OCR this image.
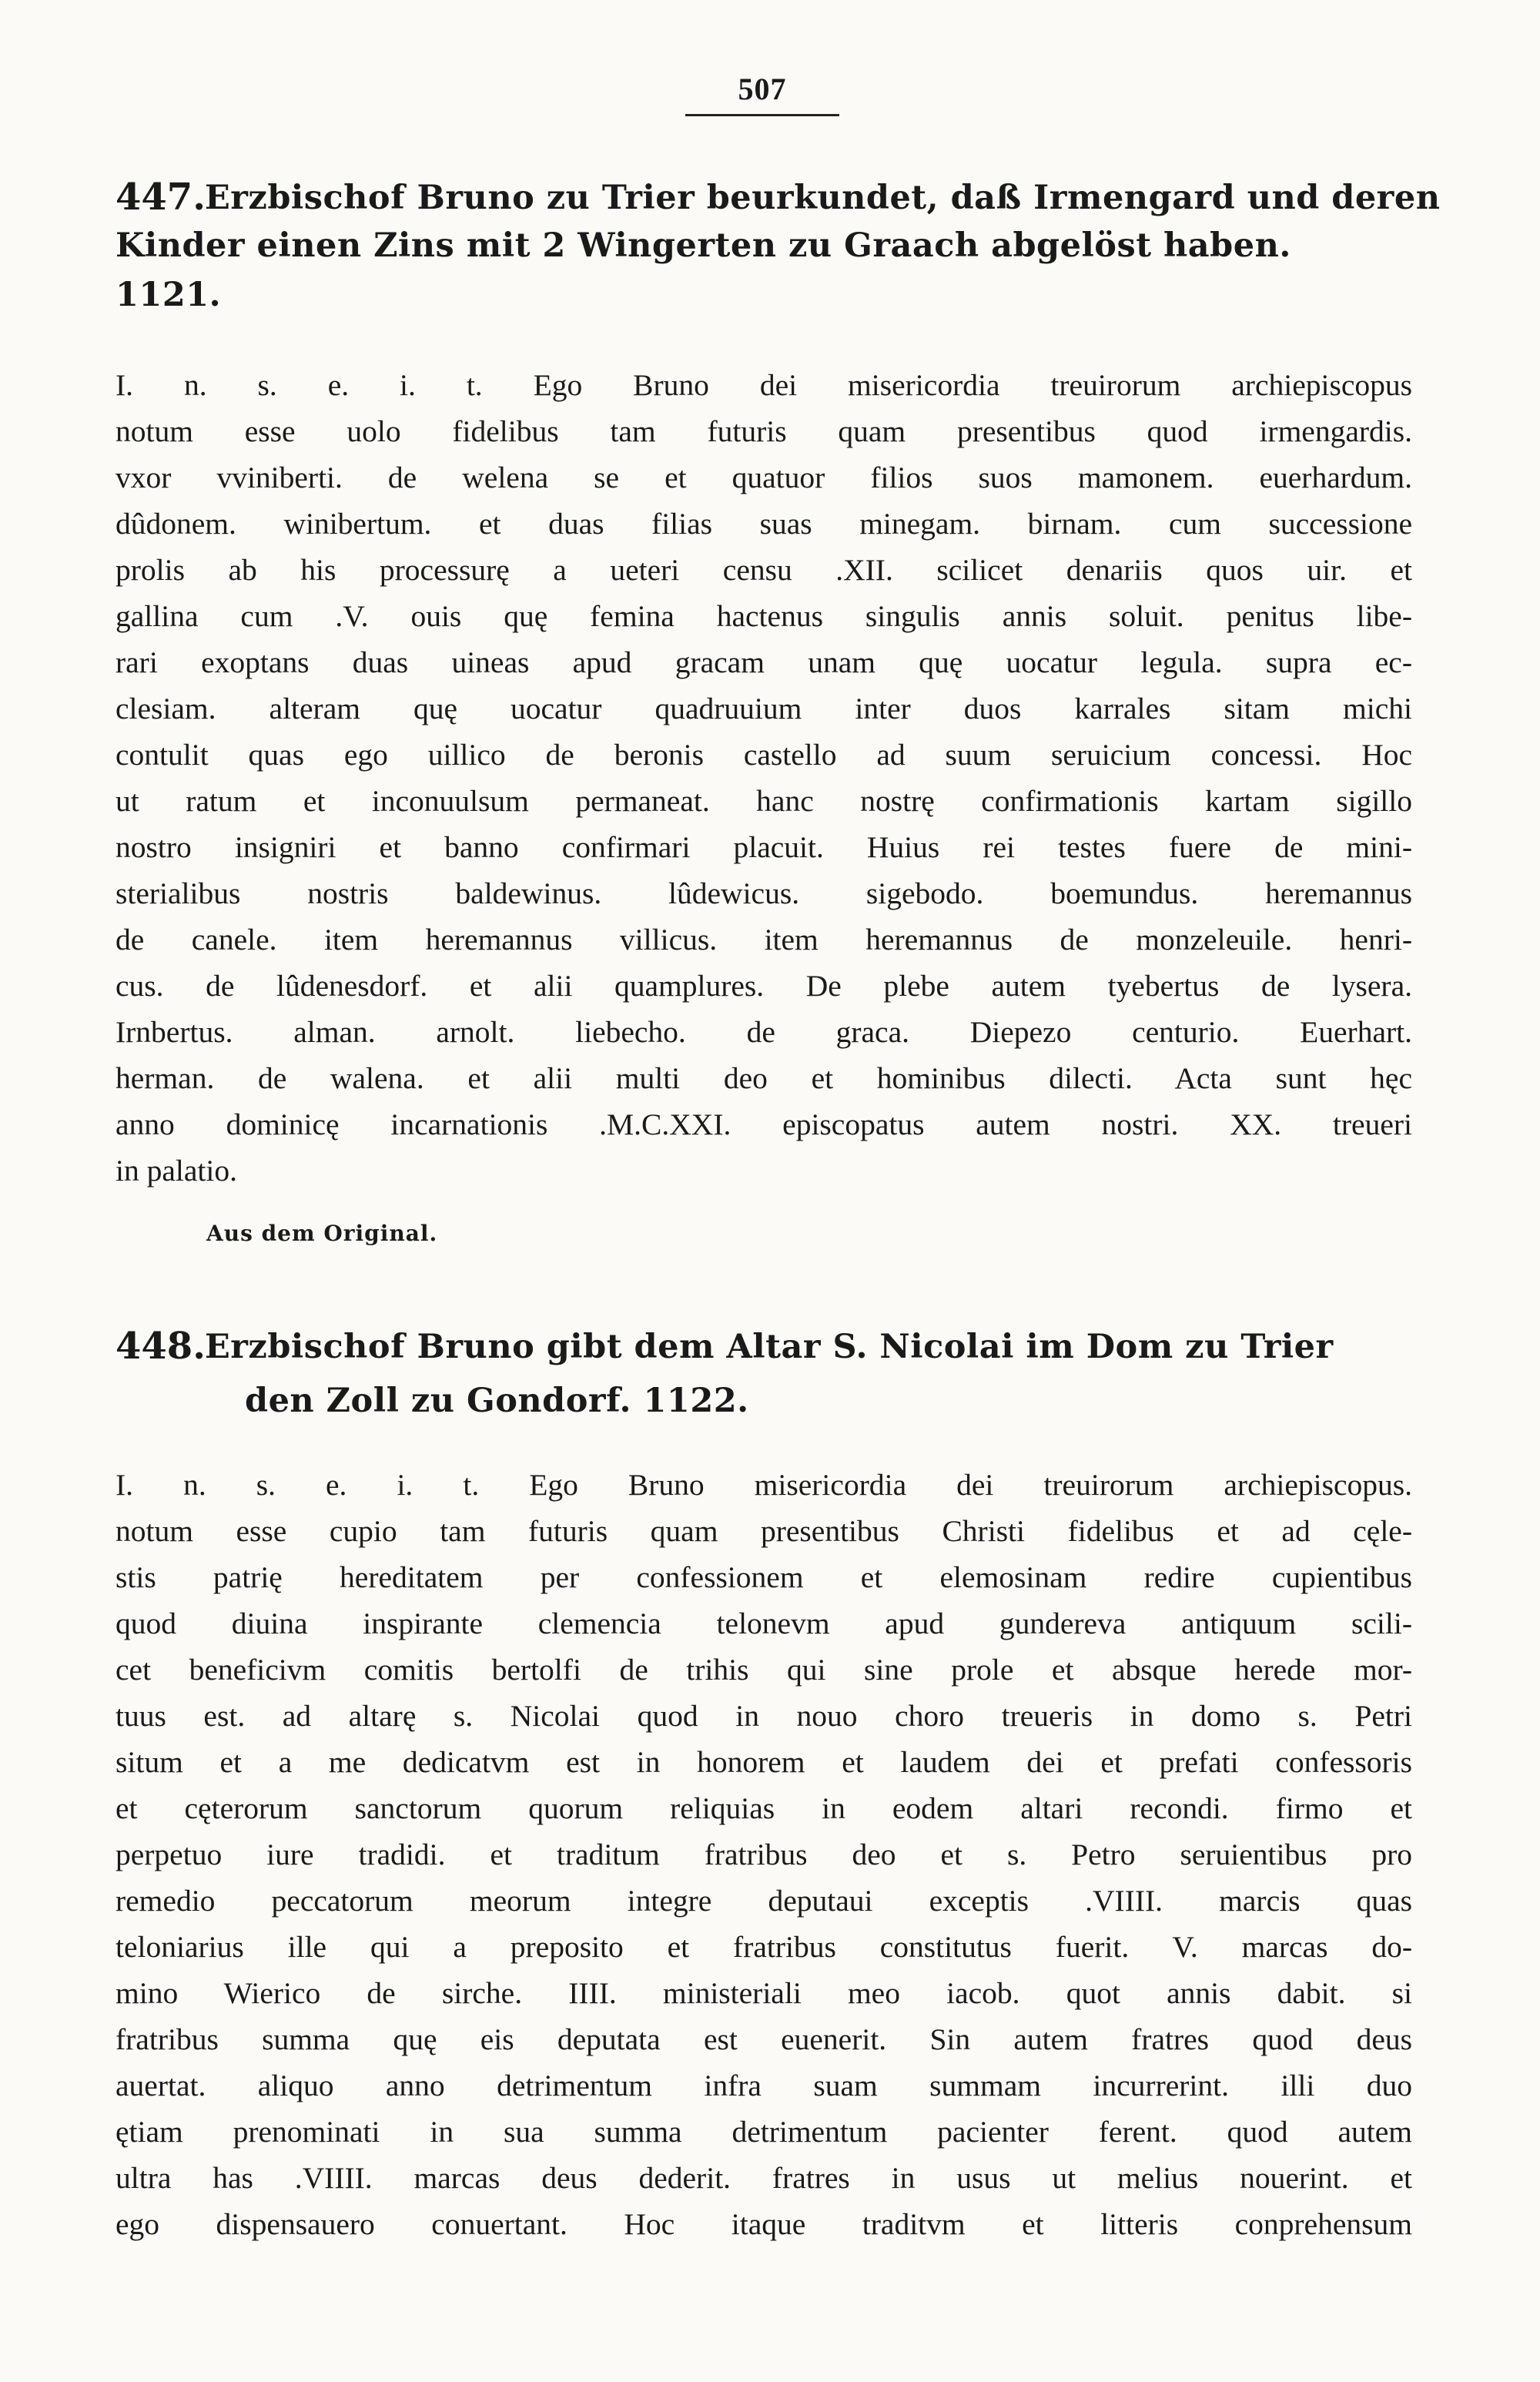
507
447. Erzbischof Bruno zu Trier beurkundet, daß Irmengard und deren
Kinder einen Zins mit 2 Wingerten zu Graach abgelöst haben.
1121.
I. n. s. e. i. t. Ego Bruno dei misericordia treuirorum archiepiscopus
notum esse uolo fidelibus tam futuris quam presentibus quod irmengardis.
vxor vviniberti. de welena se et quatuor filios suos mamonem. euerhardum.
dûdonem. winibertum. et duas filias suas minegam. birnam. cum successione
prolis ab his processurę a ueteri censu .XII. scilicet denariis quos uir. et
gallina cum .V. ouis quę femina hactenus singulis annis soluit. penitus libe-
rari exoptans duas uineas apud gracam unam quę uocatur legula. supra ec-
clesiam. alteram quę uocatur quadruuium inter duos karrales sitam michi
contulit quas ego uillico de beronis castello ad suum seruicium concessi. Hoc
ut ratum et inconuulsum permaneat. hanc nostrę confirmationis kartam sigillo
nostro insigniri et banno confirmari placuit. Huius rei testes fuere de mini-
sterialibus nostris baldewinus. lûdewicus. sigebodo. boemundus. heremannus
de canele. item heremannus villicus. item heremannus de monzeleuile. henri-
cus. de lûdenesdorf. et alii quamplures. De plebe autem tyebertus de lysera.
Irnbertus. alman. arnolt. liebecho. de graca. Diepezo centurio. Euerhart.
herman. de walena. et alii multi deo et hominibus dilecti. Acta sunt hęc
anno dominicę incarnationis .M.C.XXI. episcopatus autem nostri. XX. treueri
in palatio.
Aus dem Original.
448. Erzbischof Bruno gibt dem Altar S. Nicolai im Dom zu Trier
den Zoll zu Gondorf. 1122.
I. n. s. e. i. t. Ego Bruno misericordia dei treuirorum archiepiscopus.
notum esse cupio tam futuris quam presentibus Christi fidelibus et ad cęle-
stis patrię hereditatem per confessionem et elemosinam redire cupientibus
quod diuina inspirante clemencia telonevm apud gundereva antiquum scili-
cet beneficivm comitis bertolfi de trihis qui sine prole et absque herede mor-
tuus est. ad altarę s. Nicolai quod in nouo choro treueris in domo s. Petri
situm et a me dedicatvm est in honorem et laudem dei et prefati confessoris
et cęterorum sanctorum quorum reliquias in eodem altari recondi. firmo et
perpetuo iure tradidi. et traditum fratribus deo et s. Petro seruientibus pro
remedio peccatorum meorum integre deputaui exceptis .VIIII. marcis quas
teloniarius ille qui a preposito et fratribus constitutus fuerit. V. marcas do-
mino Wierico de sirche. IIII. ministeriali meo iacob. quot annis dabit. si
fratribus summa quę eis deputata est euenerit. Sin autem fratres quod deus
auertat. aliquo anno detrimentum infra suam summam incurrerint. illi duo
ętiam prenominati in sua summa detrimentum pacienter ferent. quod autem
ultra has .VIIII. marcas deus dederit. fratres in usus ut melius nouerint. et
ego dispensauero conuertant. Hoc itaque traditvm et litteris conprehensum
